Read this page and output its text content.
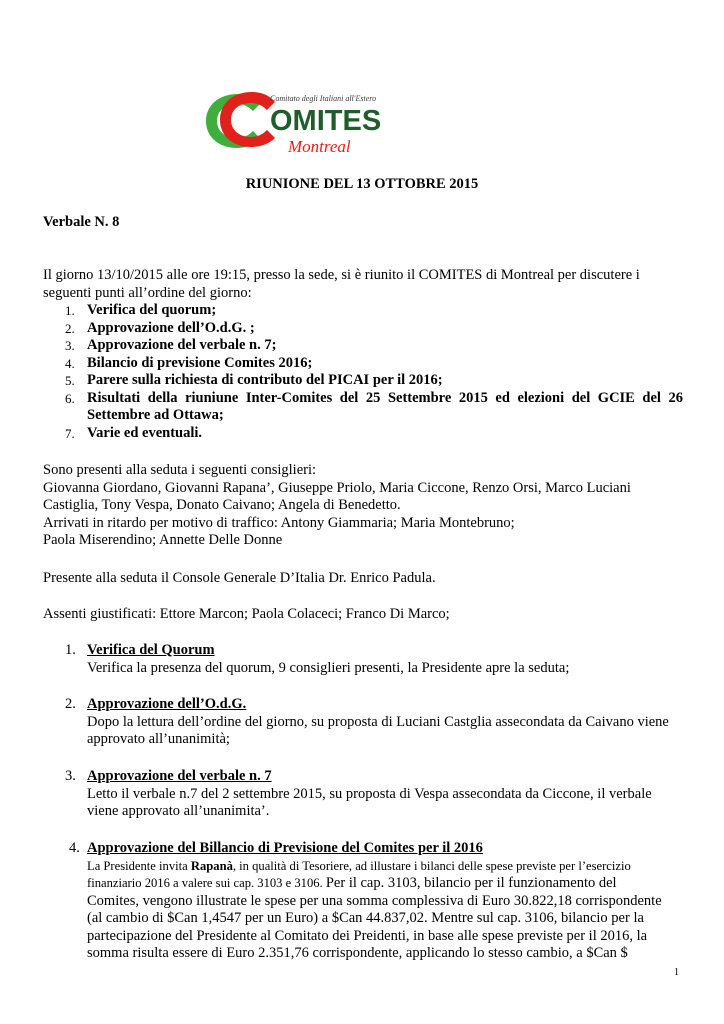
Comitato degli Italiani all'Estero
OMITES
Montreal
RIUNIONE DEL 13 OTTOBRE 2015
Verbale N. 8
Il giorno 13/10/2015 alle ore 19:15, presso la sede, si è riunito il COMITES di Montreal per discutere i
seguenti punti all’ordine del giorno:
1. Verifica del quorum;
2. Approvazione dell’O.d.G. ;
3. Approvazione del verbale n. 7;
4. Bilancio di previsione Comites 2016;
5. Parere sulla richiesta di contributo del PICAI per il 2016;
6. Risultati della riuniune Inter-Comites del 25 Settembre 2015 ed elezioni del GCIE del 26
Settembre ad Ottawa;
7. Varie ed eventuali.
Sono presenti alla seduta i seguenti consiglieri:
Giovanna Giordano, Giovanni Rapana’, Giuseppe Priolo, Maria Ciccone, Renzo Orsi, Marco Luciani
Castiglia, Tony Vespa, Donato Caivano; Angela di Benedetto.
Arrivati in ritardo per motivo di traffico: Antony Giammaria; Maria Montebruno;
Paola Miserendino; Annette Delle Donne
Presente alla seduta il Console Generale D’Italia Dr. Enrico Padula.
Assenti giustificati: Ettore Marcon; Paola Colaceci; Franco Di Marco;
1. Verifica del Quorum
Verifica la presenza del quorum, 9 consiglieri presenti, la Presidente apre la seduta;
2. Approvazione dell’O.d.G.
Dopo la lettura dell’ordine del giorno, su proposta di Luciani Castglia assecondata da Caivano viene
approvato all’unanimità;
3. Approvazione del verbale n. 7
Letto il verbale n.7 del 2 settembre 2015, su proposta di Vespa assecondata da Ciccone, il verbale
viene approvato all’unanimita’.
4. Approvazione del Billancio di Previsione del Comites per il 2016
La Presidente invita Rapanà, in qualità di Tesoriere, ad illustare i bilanci delle spese previste per l’esercizio
finanziario 2016 a valere sui cap. 3103 e 3106. Per il cap. 3103, bilancio per il funzionamento del
Comites, vengono illustrate le spese per una somma complessiva di Euro 30.822,18 corrispondente
(al cambio di $Can 1,4547 per un Euro) a $Can 44.837,02. Mentre sul cap. 3106, bilancio per la
partecipazione del Presidente al Comitato dei Preidenti, in base alle spese previste per il 2016, la
somma risulta essere di Euro 2.351,76 corrispondente, applicando lo stesso cambio, a $Can $
1
